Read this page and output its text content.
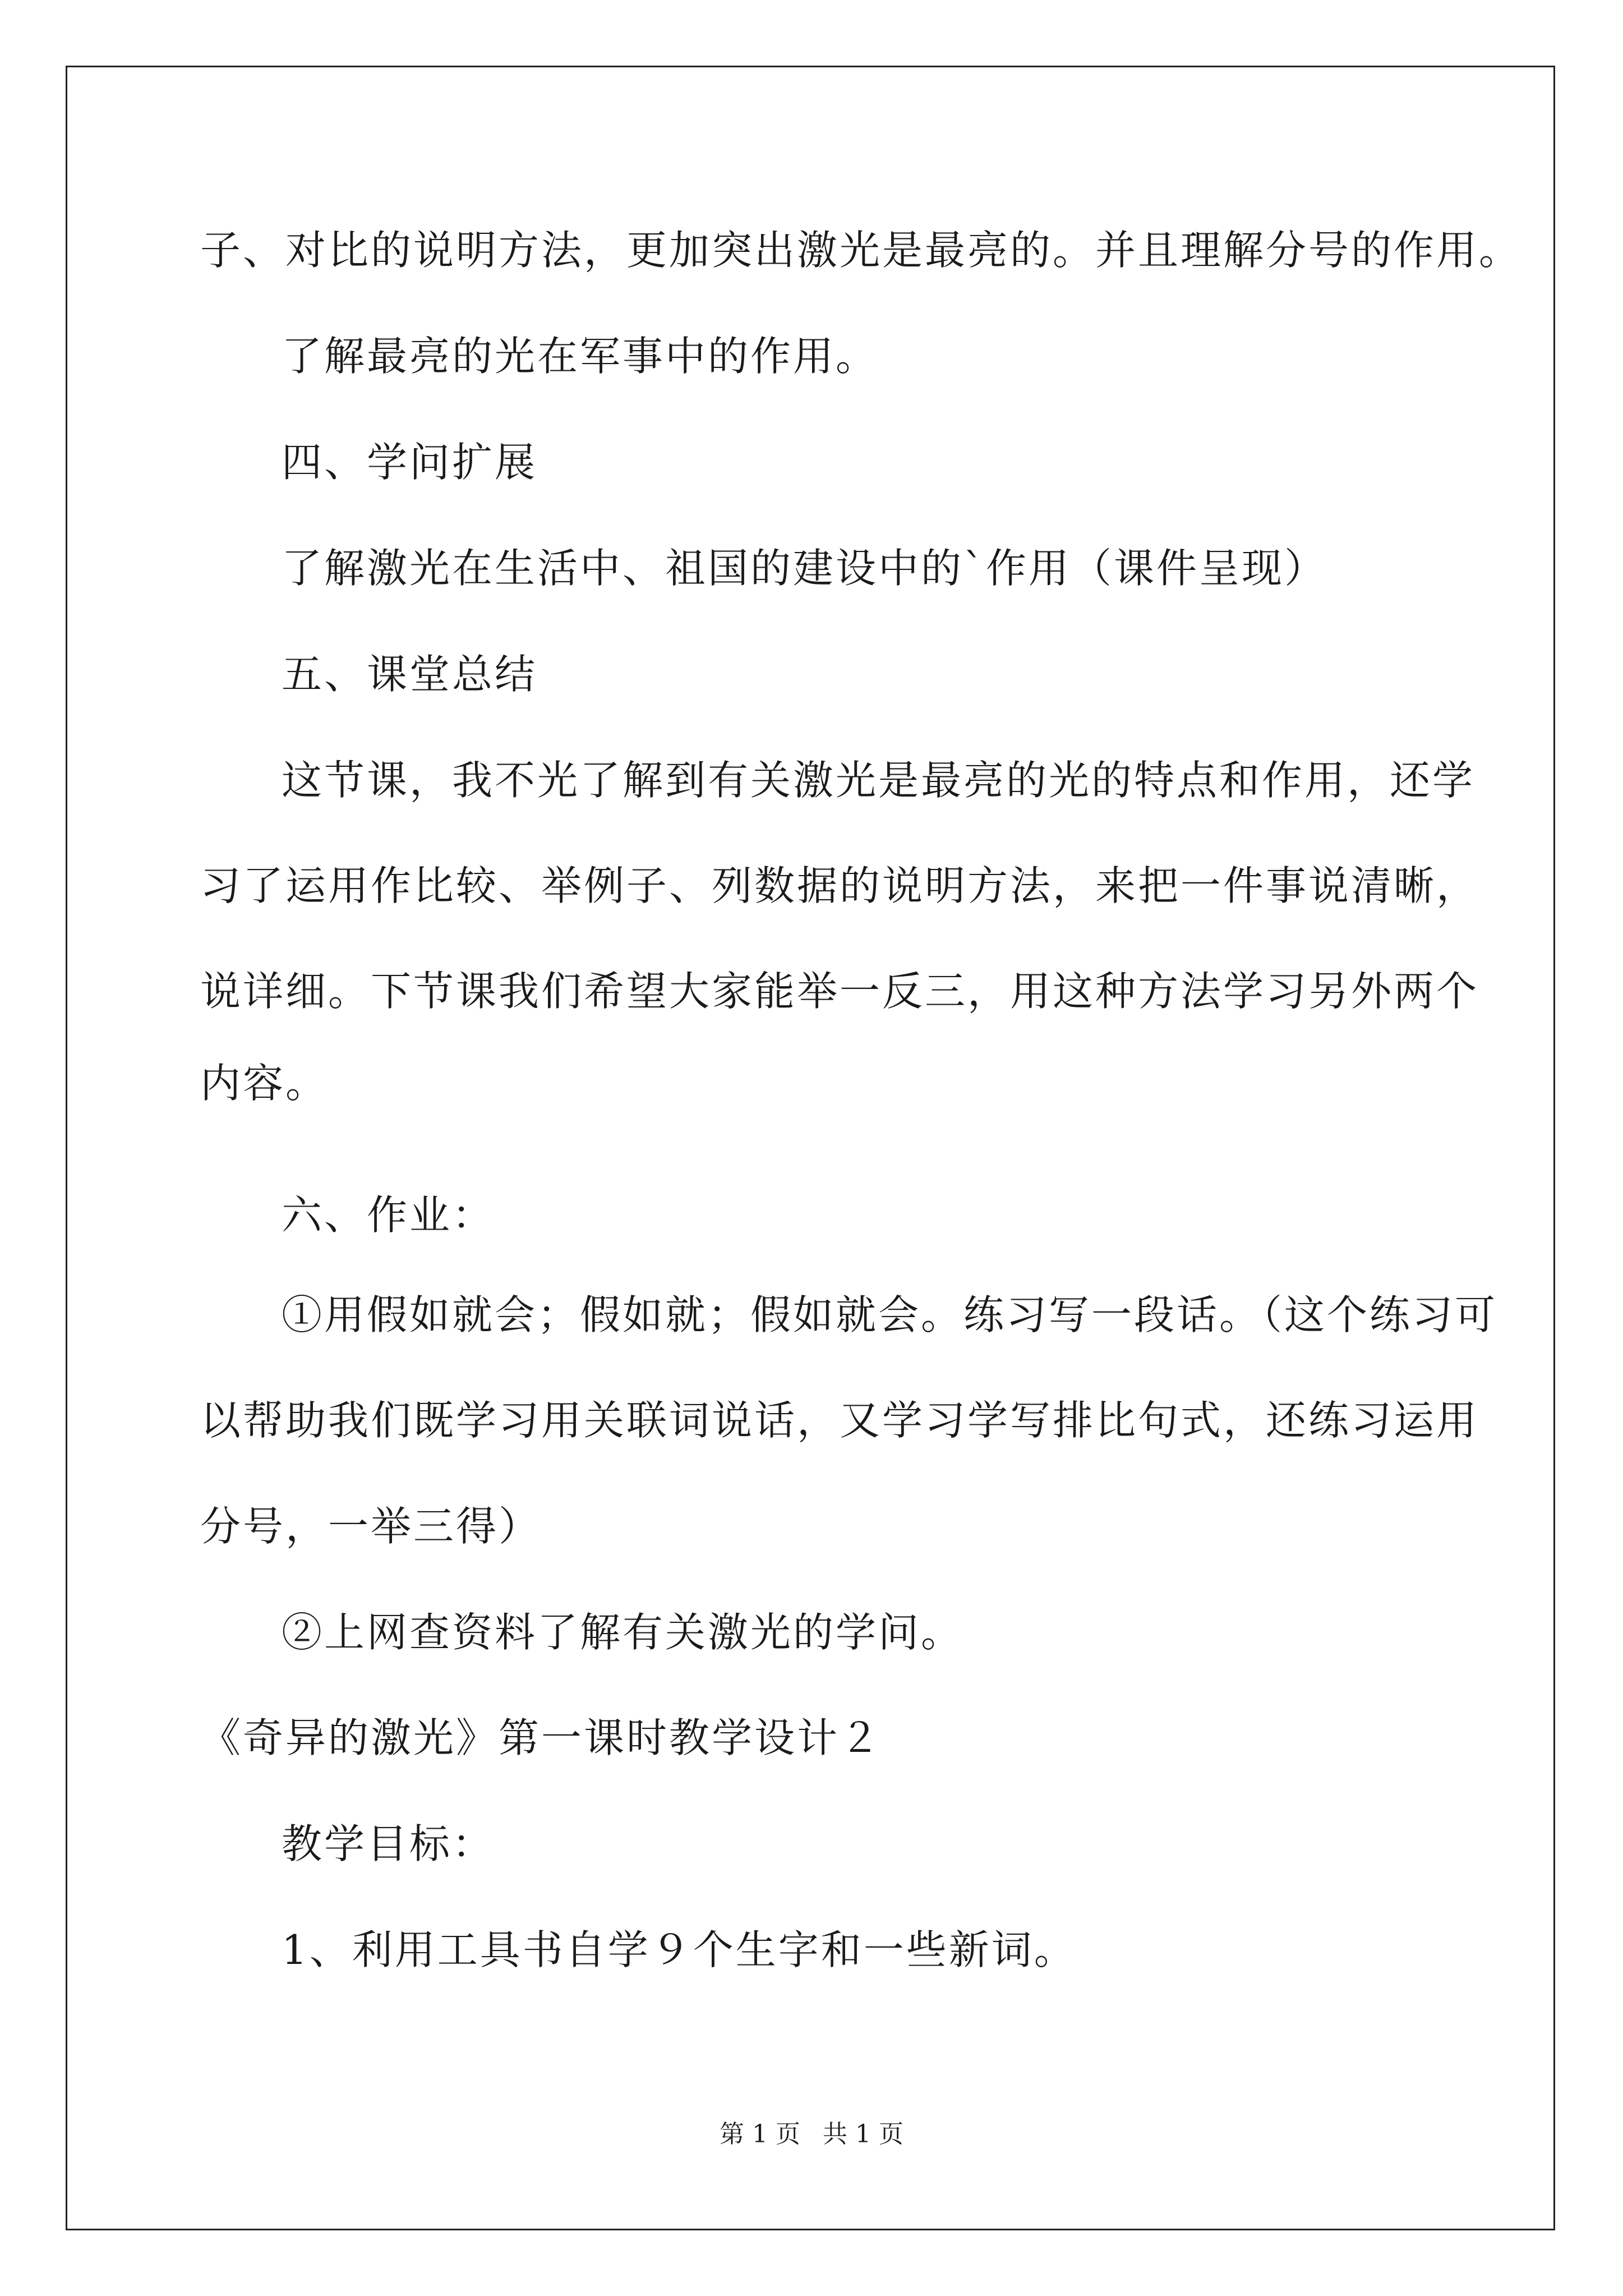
子、对比的说明方法，更加突出激光是最亮的。并且理解分号的作用。
了解最亮的光在军事中的作用。
四、学问扩展
了解激光在生活中、祖国的建设中的`作用（课件呈现）
五、课堂总结
这节课，我不光了解到有关激光是最亮的光的特点和作用，还学
习了运用作比较、举例子、列数据的说明方法，来把一件事说清晰，
说详细。下节课我们希望大家能举一反三，用这种方法学习另外两个
内容。
六、作业：
①用假如就会；假如就；假如就会。练习写一段话。（这个练习可
以帮助我们既学习用关联词说话，又学习学写排比句式，还练习运用
分号，一举三得）
②上网查资料了解有关激光的学问。
《奇异的激光》第一课时教学设计２
教学目标：
1、利用工具书自学９个生字和一些新词。
第 1 页 共 1 页
